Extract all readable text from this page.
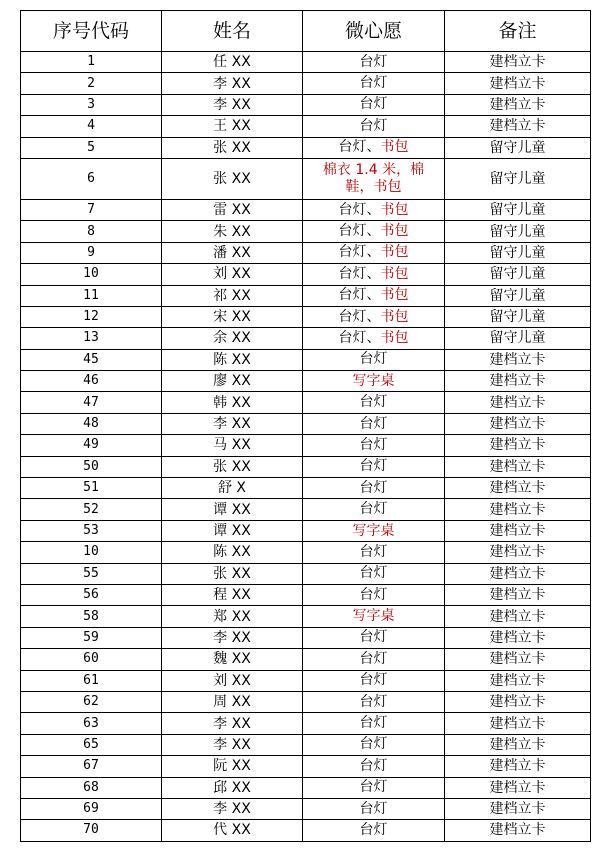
序号代码	姓名	微心愿	备注
1	任 XX	台灯	建档立卡
2	李 XX	台灯	建档立卡
3	李 XX	台灯	建档立卡
4	王 XX	台灯	建档立卡
5	张 XX	台灯、书包	留守儿童
6	张 XX	棉衣 1.4 米，棉鞋，书包	留守儿童
7	雷 XX	台灯、书包	留守儿童
8	朱 XX	台灯、书包	留守儿童
9	潘 XX	台灯、书包	留守儿童
10	刘 XX	台灯、书包	留守儿童
11	祁 XX	台灯、书包	留守儿童
12	宋 XX	台灯、书包	留守儿童
13	余 XX	台灯、书包	留守儿童
45	陈 XX	台灯	建档立卡
46	廖 XX	写字桌	建档立卡
47	韩 XX	台灯	建档立卡
48	李 XX	台灯	建档立卡
49	马 XX	台灯	建档立卡
50	张 XX	台灯	建档立卡
51	舒 X	台灯	建档立卡
52	谭 XX	台灯	建档立卡
53	谭 XX	写字桌	建档立卡
10	陈 XX	台灯	建档立卡
55	张 XX	台灯	建档立卡
56	程 XX	台灯	建档立卡
58	郑 XX	写字桌	建档立卡
59	李 XX	台灯	建档立卡
60	魏 XX	台灯	建档立卡
61	刘 XX	台灯	建档立卡
62	周 XX	台灯	建档立卡
63	李 XX	台灯	建档立卡
65	李 XX	台灯	建档立卡
67	阮 XX	台灯	建档立卡
68	邱 XX	台灯	建档立卡
69	李 XX	台灯	建档立卡
70	代 XX	台灯	建档立卡
